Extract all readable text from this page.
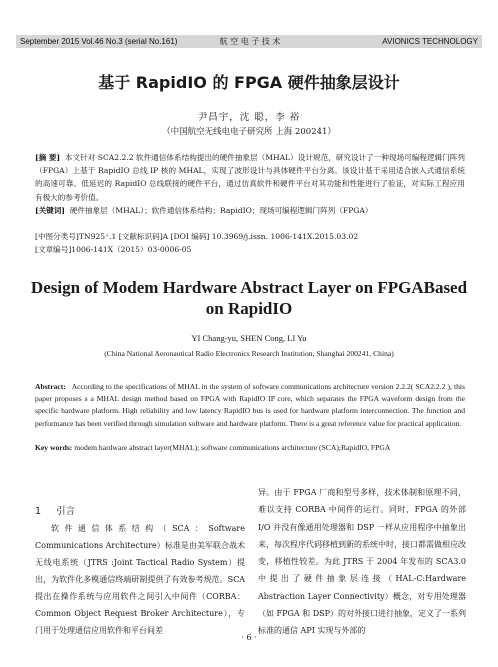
September 2015 Vol.46 No.3 (serial No.161)	航 空 电 子 技 术	AVIONICS TECHNOLOGY
基于 RapidIO 的 FPGA 硬件抽象层设计
尹昌宇，沈 聪，李 裕
（中国航空无线电电子研究所 上海 200241）
[摘 要] 本文针对 SCA2.2.2 软件通信体系结构提出的硬件抽象层（MHAL）设计规范，研究设计了一种现场可编程逻辑门阵列（FPGA）上基于 RapidIO 总线 IP 核的 MHAL，实现了波形设计与具体硬件平台分离。该设计基于采用适合嵌入式通信系统的高速可靠、低延迟的 RapidIO 总线联接的硬件平台，通过仿真软件和硬件平台对其功能和性能进行了验证，对实际工程应用有极大的参考价值。
[关键词] 硬件抽象层（MHAL）；软件通信体系结构；RapidIO；现场可编程逻辑门阵列（FPGA）
[中图分类号]TN925⁺.1 [文献标识码]A [DOI 编码] 10.3969/j.issn. 1006-141X.2015.03.02
[文章编号]1006-141X（2015）03-0006-05
Design of Modem Hardware Abstract Layer on FPGABased
on RapidIO
YI Chang-yu, SHEN Cong, LI Yu
(China National Aeronautical Radio Electronics Research Institution, Shanghai 200241, China)
Abstract: According to the specifications of MHAL in the system of software communications architecture version 2.2.2( SCA2.2.2 ), this paper proposes s a MHAL design method based on FPGA with RapidIO IP core, which separates the FPGA waveform design from the specific hardware platform. High reliability and low latency RapidIO bus is used for hardware platform interconnection. The function and performance has been verified through simulation software and hardware platform. There is a great reference value for practical application.
Key words: modem hardware abstract layer(MHAL); software communications architecture (SCA);RapidIO, FPGA
1 引言
软件通信体系结构（SCA：Software Communications Architecture）标准是由美军联合战术无线电系统（JTRS :Joint Tactical Radio System）提出，为软件化多模通信终端研制提供了有效参考规范。SCA 提出在操作系统与应用软件之间引入中间件（CORBA：Common Object Request Broker Architecture），专门用于处理通信应用软件和平台间差
异。由于 FPGA 厂商和型号多样，技术体制和原理不同，难以支持 CORBA 中间件的运行。同时，FPGA 的外部 I/O 并没有像通用处理器和 DSP 一样从应用程序中抽象出来，每次程序代码移植到新的系统中时，接口都需做相应改变，移植性较差。为此 JTRS 于 2004 年发布的 SCA3.0 中提出了硬件抽象层连接（HAL-C:Hardware Abstraction Layer Connectivity）概念，对专用处理器（如 FPGA 和 DSP）的对外接口进行抽象，定义了一系列标准的通信 API 实现与外部的
· 6 ·
